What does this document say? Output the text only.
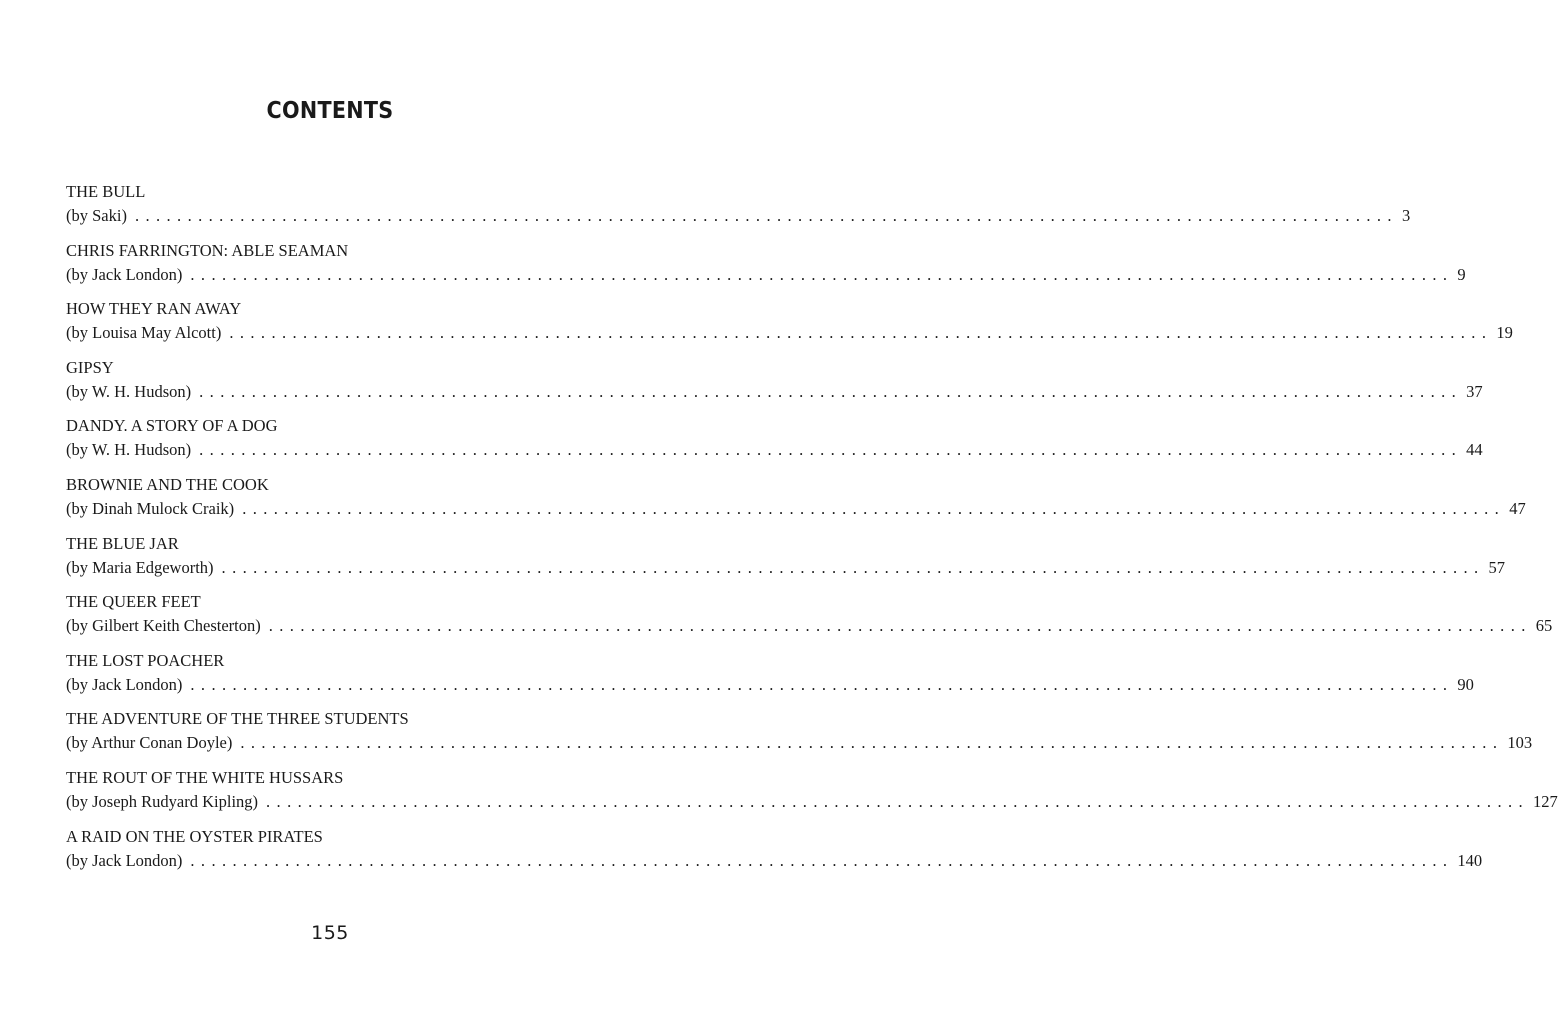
CONTENTS
THE BULL
(by Saki) ........................................................................................................................ 3
CHRIS FARRINGTON: ABLE SEAMAN
(by Jack London) ........................................................................................................................ 9
HOW THEY RAN AWAY
(by Louisa May Alcott) ........................................................................................................................ 19
GIPSY
(by W. H. Hudson) ........................................................................................................................ 37
DANDY. A STORY OF A DOG
(by W. H. Hudson) ........................................................................................................................ 44
BROWNIE AND THE COOK
(by Dinah Mulock Craik) ........................................................................................................................ 47
THE BLUE JAR
(by Maria Edgeworth) ........................................................................................................................ 57
THE QUEER FEET
(by Gilbert Keith Chesterton) ........................................................................................................................ 65
THE LOST POACHER
(by Jack London) ........................................................................................................................ 90
THE ADVENTURE OF THE THREE STUDENTS
(by Arthur Conan Doyle) ........................................................................................................................ 103
THE ROUT OF THE WHITE HUSSARS
(by Joseph Rudyard Kipling) ........................................................................................................................ 127
A RAID ON THE OYSTER PIRATES
(by Jack London) ........................................................................................................................ 140
155
